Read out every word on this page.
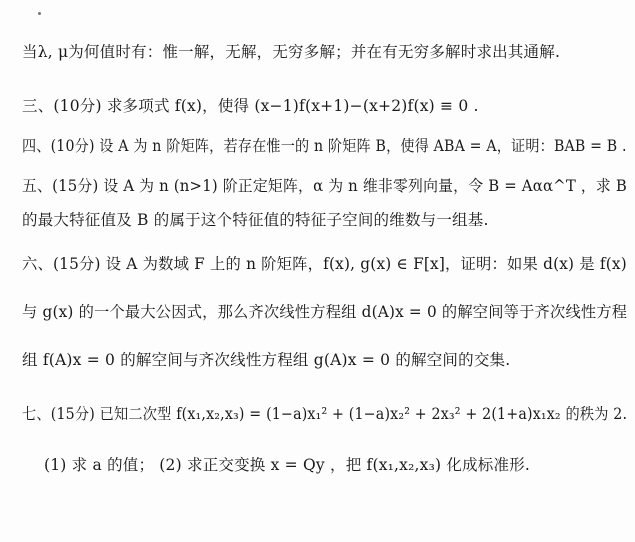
当λ, μ为何值时有：惟一解，无解，无穷多解；并在有无穷多解时求出其通解.
三、(10分) 求多项式 f(x)，使得 (x−1)f(x+1)−(x+2)f(x) ≡ 0 .
四、(10分) 设 A 为 n 阶矩阵，若存在惟一的 n 阶矩阵 B，使得 ABA = A，证明：BAB = B .
五、(15分) 设 A 为 n (n>1) 阶正定矩阵，α 为 n 维非零列向量，令 B = Aαα^T ，求 B
的最大特征值及 B 的属于这个特征值的特征子空间的维数与一组基.
六、(15分) 设 A 为数域 F 上的 n 阶矩阵，f(x), g(x) ∈ F[x]，证明：如果 d(x) 是 f(x)
与 g(x) 的一个最大公因式，那么齐次线性方程组 d(A)x = 0 的解空间等于齐次线性方程
组 f(A)x = 0 的解空间与齐次线性方程组 g(A)x = 0 的解空间的交集.
七、(15分) 已知二次型 f(x₁,x₂,x₃) = (1−a)x₁² + (1−a)x₂² + 2x₃² + 2(1+a)x₁x₂ 的秩为 2.
(1) 求 a 的值； (2) 求正交变换 x = Qy ，把 f(x₁,x₂,x₃) 化成标准形.
